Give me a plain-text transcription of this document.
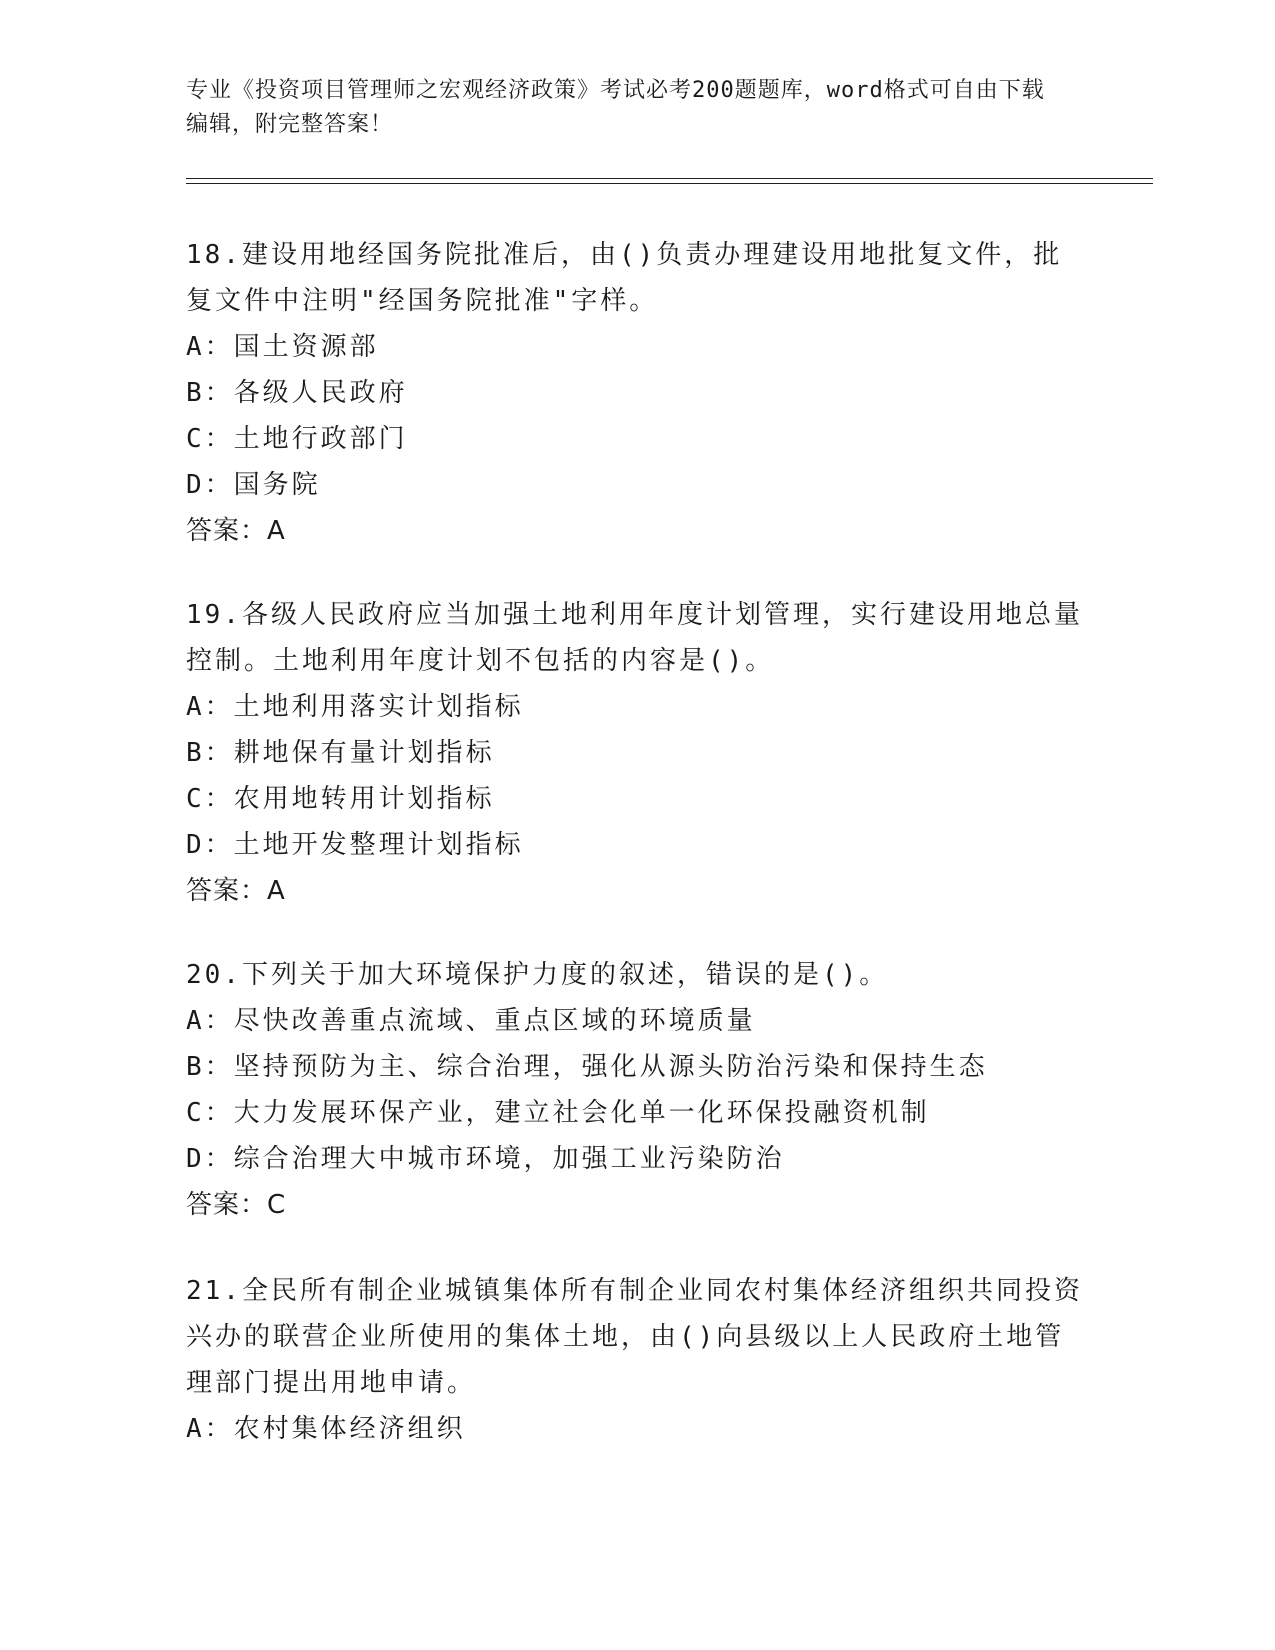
专业《投资项目管理师之宏观经济政策》考试必考200题题库，word格式可自由下载编辑，附完整答案！
18.建设用地经国务院批准后，由()负责办理建设用地批复文件，批复文件中注明"经国务院批准"字样。
A：国土资源部
B：各级人民政府
C：土地行政部门
D：国务院
答案：A
19.各级人民政府应当加强土地利用年度计划管理，实行建设用地总量控制。土地利用年度计划不包括的内容是()。
A：土地利用落实计划指标
B：耕地保有量计划指标
C：农用地转用计划指标
D：土地开发整理计划指标
答案：A
20.下列关于加大环境保护力度的叙述，错误的是()。
A：尽快改善重点流域、重点区域的环境质量
B：坚持预防为主、综合治理，强化从源头防治污染和保持生态
C：大力发展环保产业，建立社会化单一化环保投融资机制
D：综合治理大中城市环境，加强工业污染防治
答案：C
21.全民所有制企业城镇集体所有制企业同农村集体经济组织共同投资兴办的联营企业所使用的集体土地，由()向县级以上人民政府土地管理部门提出用地申请。
A：农村集体经济组织
